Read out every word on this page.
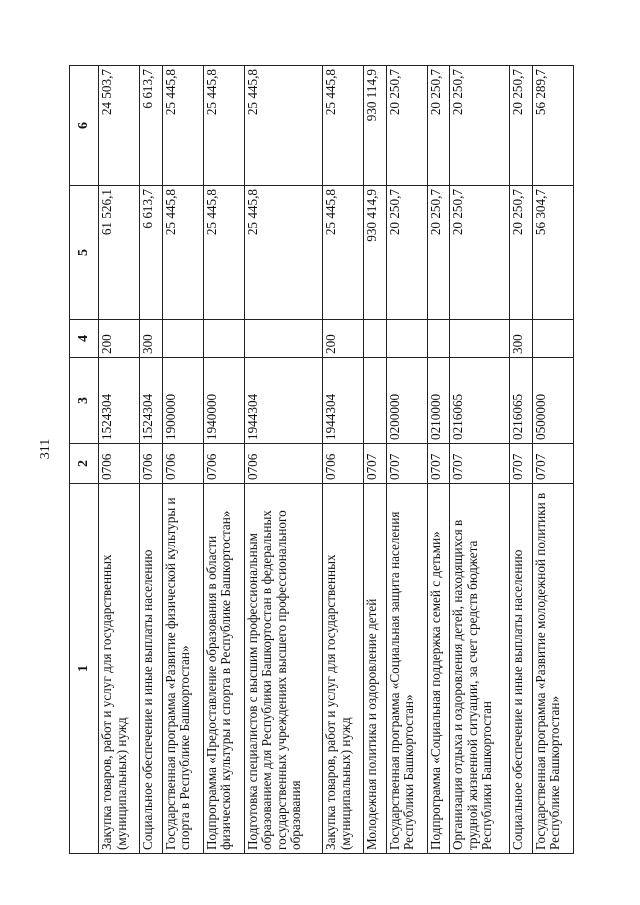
311
1	2	3	4	5	6
Закупка товаров, работ и услуг для государственных (муниципальных) нужд	0706	1524304	200	61 526,1	24 503,7
Социальное обеспечение и иные выплаты населению	0706	1524304	300	6 613,7	6 613,7
Государственная программа «Развитие физической культуры и спорта в Республике Башкортостан»	0706	1900000		25 445,8	25 445,8
Подпрограмма «Предоставление образования в области физической культуры и спорта в Республике Башкортостан»	0706	1940000		25 445,8	25 445,8
Подготовка специалистов с высшим профессиональным образованием для Республики Башкортостан в федеральных государственных учреждениях высшего профессионального образования	0706	1944304		25 445,8	25 445,8
Закупка товаров, работ и услуг для государственных (муниципальных) нужд	0706	1944304	200	25 445,8	25 445,8
Молодежная политика и оздоровление детей	0707			930 414,9	930 114,9
Государственная программа «Социальная защита населения Республики Башкортостан»	0707	0200000		20 250,7	20 250,7
Подпрограмма «Социальная поддержка семей с детьми»	0707	0210000		20 250,7	20 250,7
Организация отдыха и оздоровления детей, находящихся в трудной жизненной ситуации, за счет средств бюджета Республики Башкортостан	0707	0216065		20 250,7	20 250,7
Социальное обеспечение и иные выплаты населению	0707	0216065	300	20 250,7	20 250,7
Государственная программа «Развитие молодежной политики в Республике Башкортостан»	0707	0500000		56 304,7	56 289,7
